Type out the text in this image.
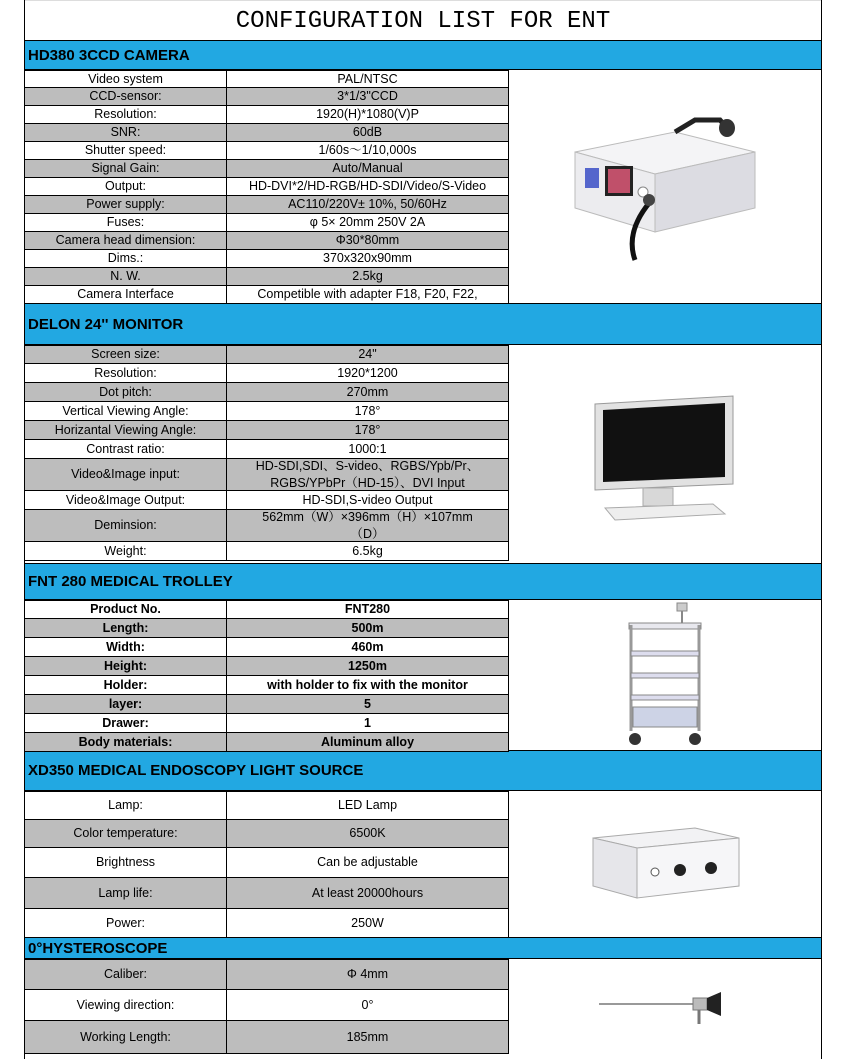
CONFIGURATION LIST FOR ENT
HD380 3CCD CAMERA
DELON 24'' MONITOR
FNT 280 MEDICAL TROLLEY
XD350 MEDICAL ENDOSCOPY LIGHT SOURCE
0°HYSTEROSCOPE
Video system	PAL/NTSC
CCD-sensor:	3*1/3"CCD
Resolution:	1920(H)*1080(V)P
SNR:	60dB
Shutter speed:	1/60s～1/10,000s
Signal Gain:	Auto/Manual
Output:	HD-DVI*2/HD-RGB/HD-SDI/Video/S-Video
Power supply:	AC110/220V± 10%, 50/60Hz
Fuses:	φ 5× 20mm 250V 2A
Camera head dimension:	Φ30*80mm
Dims.:	370x320x90mm
N. W.	2.5kg
Camera Interface	Competible with adapter F18, F20, F22,
Screen size:	24"
Resolution:	1920*1200
Dot pitch:	270mm
Vertical Viewing Angle:	178°
Horizantal Viewing Angle:	178°
Contrast ratio:	1000:1
Video&Image input:
HD-SDI,SDI、S-video、RGBS/Ypb/Pr、
RGBS/YPbPr（HD-15）、DVI Input
Video&Image Output:	HD-SDI,S-video Output
Deminsion:
562mm（W）×396mm（H）×107mm
（D）
Weight:	6.5kg
Product No.	FNT280
Length:	500m
Width:	460m
Height:	1250m
Holder:	with holder to fix with the monitor
layer:	5
Drawer:	1
Body materials:	Aluminum alloy
Lamp:	LED Lamp
Color temperature:	6500K
Brightness	Can be adjustable
Lamp life:	At least 20000hours
Power:	250W
Caliber:	Φ 4mm
Viewing direction:	0°
Working Length:	185mm
